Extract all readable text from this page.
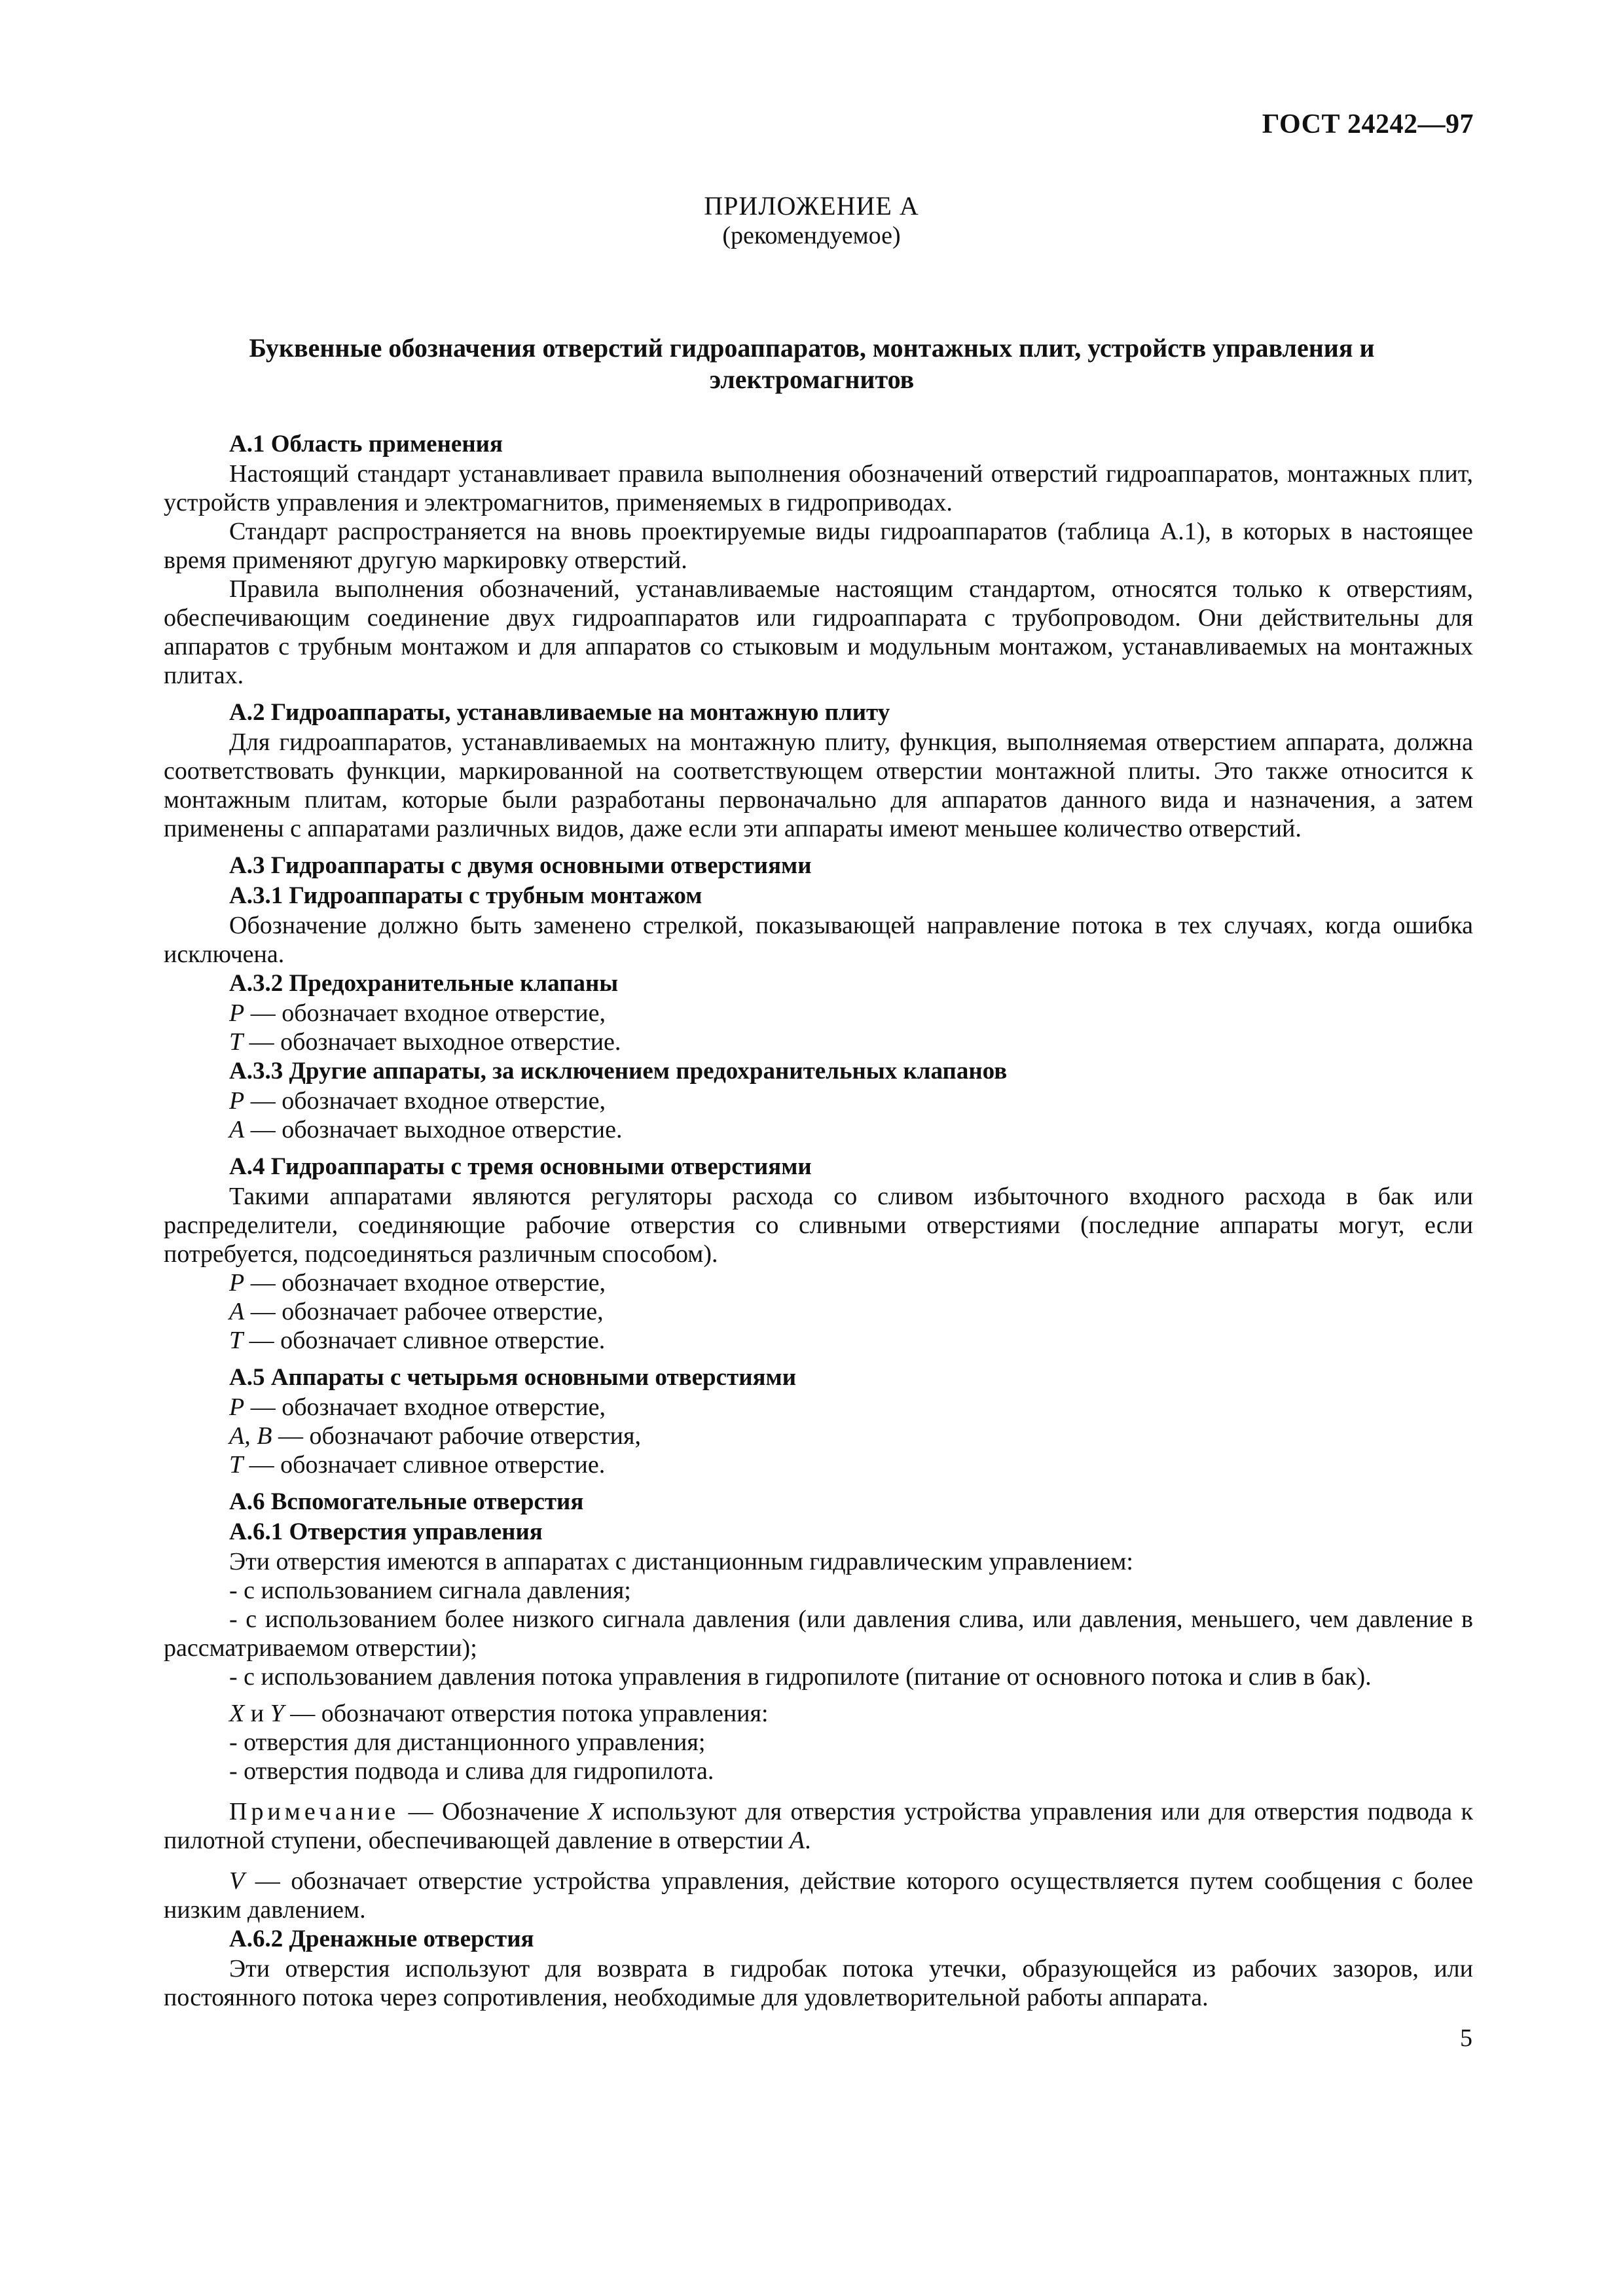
ГОСТ 24242—97
ПРИЛОЖЕНИЕ А
(рекомендуемое)
Буквенные обозначения отверстий гидроаппаратов, монтажных плит, устройств управления и электромагнитов

А.1 Область применения

Настоящий стандарт устанавливает правила выполнения обозначений отверстий гидроаппаратов, монтажных плит, устройств управления и электромагнитов, применяемых в гидроприводах.

Стандарт распространяется на вновь проектируемые виды гидроаппаратов (таблица А.1), в которых в настоящее время применяют другую маркировку отверстий.

Правила выполнения обозначений, устанавливаемые настоящим стандартом, относятся только к отверстиям, обеспечивающим соединение двух гидроаппаратов или гидроаппарата с трубопроводом. Они действительны для аппаратов с трубным монтажом и для аппаратов со стыковым и модульным монтажом, устанавливаемых на монтажных плитах.

А.2 Гидроаппараты, устанавливаемые на монтажную плиту

Для гидроаппаратов, устанавливаемых на монтажную плиту, функция, выполняемая отверстием аппарата, должна соответствовать функции, маркированной на соответствующем отверстии монтажной плиты. Это также относится к монтажным плитам, которые были разработаны первоначально для аппаратов данного вида и назначения, а затем применены с аппаратами различных видов, даже если эти аппараты имеют меньшее количество отверстий.

А.3 Гидроаппараты с двумя основными отверстиями

А.3.1 Гидроаппараты с трубным монтажом

Обозначение должно быть заменено стрелкой, показывающей направление потока в тех случаях, когда ошибка исключена.

А.3.2 Предохранительные клапаны

P — обозначает входное отверстие,

T — обозначает выходное отверстие.

А.3.3 Другие аппараты, за исключением предохранительных клапанов

P — обозначает входное отверстие,

A — обозначает выходное отверстие.

А.4 Гидроаппараты с тремя основными отверстиями

Такими аппаратами являются регуляторы расхода со сливом избыточного входного расхода в бак или распределители, соединяющие рабочие отверстия со сливными отверстиями (последние аппараты могут, если потребуется, подсоединяться различным способом).

P — обозначает входное отверстие,

A — обозначает рабочее отверстие,

T — обозначает сливное отверстие.

А.5 Аппараты с четырьмя основными отверстиями

P — обозначает входное отверстие,

A, B — обозначают рабочие отверстия,

T — обозначает сливное отверстие.

А.6 Вспомогательные отверстия

А.6.1 Отверстия управления

Эти отверстия имеются в аппаратах с дистанционным гидравлическим управлением:

- с использованием сигнала давления;

- с использованием более низкого сигнала давления (или давления слива, или давления, меньшего, чем давление в рассматриваемом отверстии);

- с использованием давления потока управления в гидропилоте (питание от основного потока и слив в бак).

X и Y — обозначают отверстия потока управления:

- отверстия для дистанционного управления;

- отверстия подвода и слива для гидропилота.

Примечание — Обозначение X используют для отверстия устройства управления или для отверстия подвода к пилотной ступени, обеспечивающей давление в отверстии A.

V — обозначает отверстие устройства управления, действие которого осуществляется путем сообщения с более низким давлением.

А.6.2 Дренажные отверстия

Эти отверстия используют для возврата в гидробак потока утечки, образующейся из рабочих зазоров, или постоянного потока через сопротивления, необходимые для удовлетворительной работы аппарата.

5
